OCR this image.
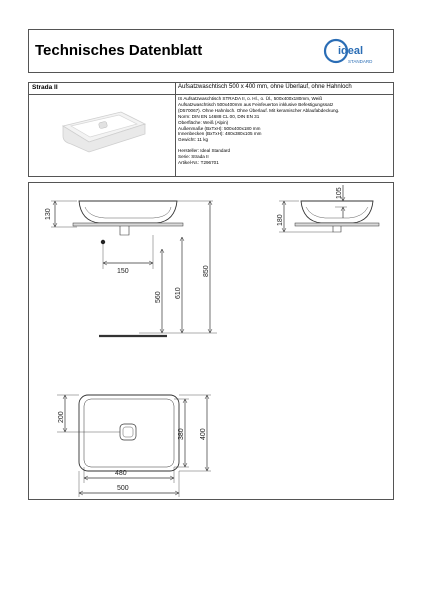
Technisches Datenblatt	ideal
STANDARD
Strada II	Aufsatzwaschtisch 500 x 400 mm, ohne Überlauf, ohne Hahnloch
IS Aufsatzwaschtisch STRADA II, o. Hl., o. Ül., 500x400x180mm, Weiß
Aufsatzwaschtisch 500x400mm aus Feinfeuerton inklusive Befestigungssatz
(D570067). Ohne Hahnloch. Ohne Überlauf. Mit keramischer Ablaufabdeckung.
Norm: DIN EN 14688 CL 00, DIN EN 31
Oberfläche: Weiß (Alpin)
Außenmaße (BxTxH): 500x400x180 mm
Innenbecken (BxTxH): 480x380x105 mm
Gewicht: 11 kg
Hersteller: Ideal Standard
Serie: Strada II
Artikel-Nr.: T296701
130
150
560 610
850
180
105
200
380 400
480
500
